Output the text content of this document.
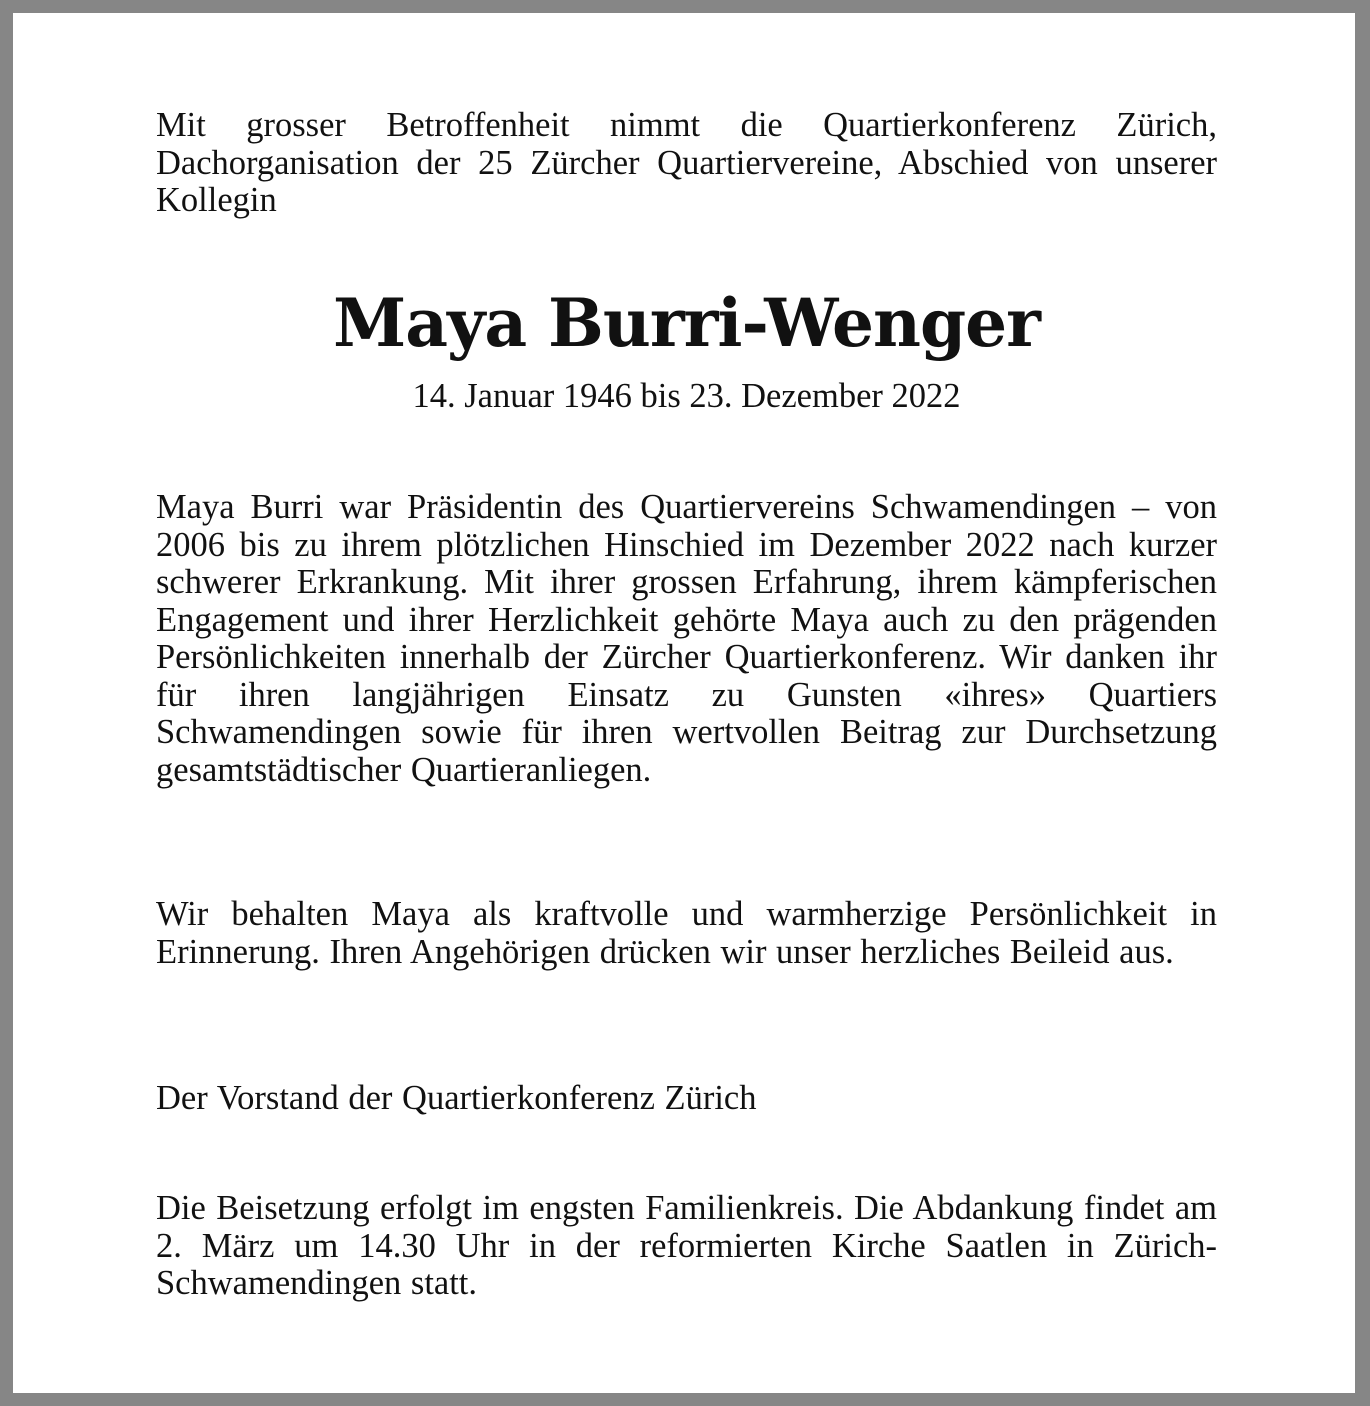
Mit grosser Betroffenheit nimmt die Quartierkonferenz Zürich, Dachorganisation der 25 Zürcher Quartiervereine, Abschied von unserer Kollegin

Maya Burri-Wenger

14. Januar 1946 bis 23. Dezember 2022

Maya Burri war Präsidentin des Quartiervereins Schwamendingen – von 2006 bis zu ihrem plötzlichen Hinschied im Dezember 2022 nach kurzer schwerer Erkrankung. Mit ihrer grossen Erfahrung, ihrem kämpferischen Engagement und ihrer Herzlichkeit gehörte Maya auch zu den prägenden Persönlichkeiten innerhalb der Zürcher Quartierkonferenz. Wir danken ihr für ihren langjährigen Einsatz zu Gunsten «ihres» Quartiers Schwamendingen sowie für ihren wertvollen Beitrag zur Durchsetzung gesamtstädtischer Quartieranliegen.

Wir behalten Maya als kraftvolle und warmherzige Persönlichkeit in Erinnerung. Ihren Angehörigen drücken wir unser herzliches Beileid aus.

Der Vorstand der Quartierkonferenz Zürich

Die Beisetzung erfolgt im engsten Familienkreis. Die Abdankung findet am 2. März um 14.30 Uhr in der reformierten Kirche Saatlen in Zürich-Schwamendingen statt.
